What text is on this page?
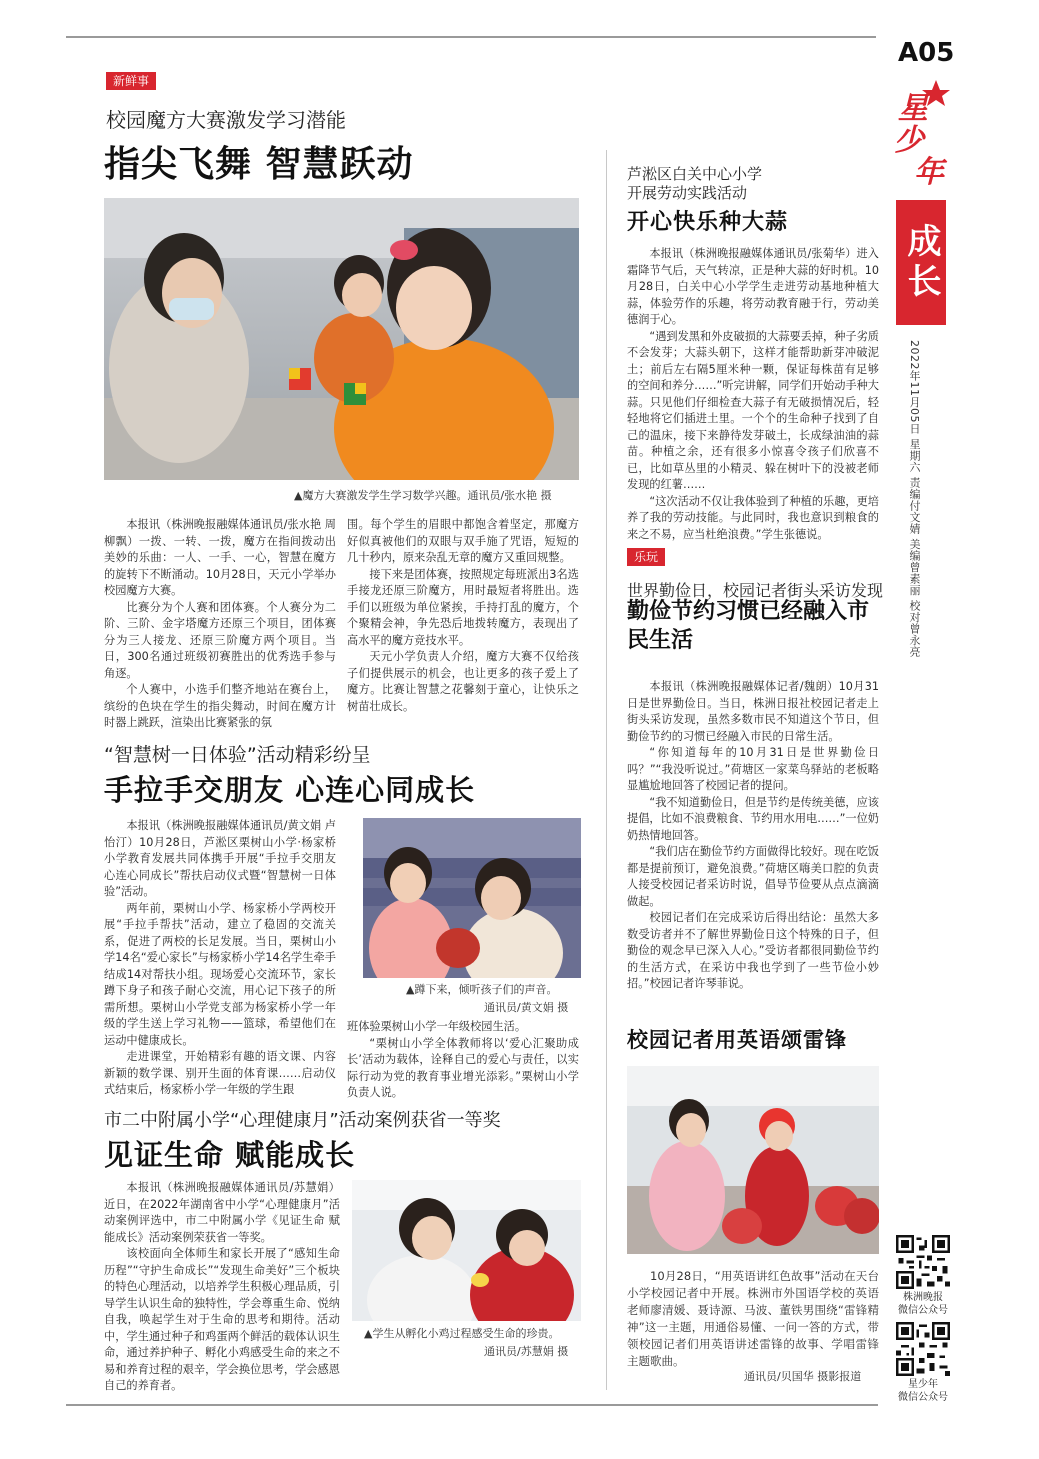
A05
星
少
年
成长
2022年11月05日 星期六 责编付文婧 美编曾素丽 校对曾永亮
株洲晚报
微信公众号
星少年
微信公众号
新鲜事
校园魔方大赛激发学习潜能
指尖飞舞 智慧跃动
▲魔方大赛激发学生学习数学兴趣。通讯员/张水艳 摄

本报讯（株洲晚报融媒体通讯员/张水艳 周柳飘）一拨、一转、一拨，魔方在指间拨动出美妙的乐曲：一人、一手、一心，智慧在魔方的旋转下不断涌动。10月28日，天元小学举办校园魔方大赛。

比赛分为个人赛和团体赛。个人赛分为二阶、三阶、金字塔魔方还原三个项目，团体赛分为三人接龙、还原三阶魔方两个项目。当日，300名通过班级初赛胜出的优秀选手参与角逐。

个人赛中，小选手们整齐地站在赛台上，缤纷的色块在学生的指尖舞动，时间在魔方计时器上跳跃，渲染出比赛紧张的氛

围。每个学生的眉眼中都饱含着坚定，那魔方好似真被他们的双眼与双手施了咒语，短短的几十秒内，原来杂乱无章的魔方又重回规整。

接下来是团体赛，按照规定每班派出3名选手接龙还原三阶魔方，用时最短者将胜出。选手们以班级为单位紧挨，手持打乱的魔方，个个聚精会神，争先恐后地拨转魔方，表现出了高水平的魔方竞技水平。

天元小学负责人介绍，魔方大赛不仅给孩子们提供展示的机会，也让更多的孩子爱上了魔方。比赛让智慧之花馨刻于童心，让快乐之树苗壮成长。

“智慧树一日体验”活动精彩纷呈
手拉手交朋友 心连心同成长

本报讯（株洲晚报融媒体通讯员/黄文娟 卢怡汀）10月28日，芦淞区栗树山小学·杨家桥小学教育发展共同体携手开展“手拉手交朋友 心连心同成长”帮扶启动仪式暨“智慧树一日体验”活动。

两年前，栗树山小学、杨家桥小学两校开展“手拉手帮扶”活动，建立了稳固的交流关系，促进了两校的长足发展。当日，栗树山小学14名“爱心家长”与杨家桥小学14名学生牵手结成14对帮扶小组。现场爱心交流环节，家长蹲下身子和孩子耐心交流，用心记下孩子的所需所想。栗树山小学党支部为杨家桥小学一年级的学生送上学习礼物——篮球，希望他们在运动中健康成长。

走进课堂，开始精彩有趣的语文课、内容新颖的数学课、别开生面的体育课……启动仪式结束后，杨家桥小学一年级的学生跟

▲蹲下来，倾听孩子们的声音。
通讯员/黄文娟 摄

班体验栗树山小学一年级校园生活。

“栗树山小学全体教师将以‘爱心汇聚助成长’活动为载体，诠释自己的爱心与责任，以实际行动为党的教育事业增光添彩。”栗树山小学负责人说。

市二中附属小学“心理健康月”活动案例获省一等奖
见证生命 赋能成长

本报讯（株洲晚报融媒体通讯员/苏慧娟）近日，在2022年湖南省中小学“心理健康月”活动案例评选中，市二中附属小学《见证生命 赋能成长》活动案例荣获省一等奖。

该校面向全体师生和家长开展了“感知生命历程”“守护生命成长”“发现生命美好”三个板块的特色心理活动，以培养学生积极心理品质，引导学生认识生命的独特性，学会尊重生命、悦纳自我，唤起学生对于生命的思考和期待。活动中，学生通过种子和鸡蛋两个鲜活的载体认识生命，通过养护种子、孵化小鸡感受生命的来之不易和养育过程的艰辛，学会换位思考，学会感恩自己的养育者。

▲学生从孵化小鸡过程感受生命的珍贵。
通讯员/苏慧娟 摄
芦淞区白关中心小学
开展劳动实践活动
开心快乐种大蒜

本报讯（株洲晚报融媒体通讯员/张菊华）进入霜降节气后，天气转凉，正是种大蒜的好时机。10月28日，白关中心小学学生走进劳动基地种植大蒜，体验劳作的乐趣，将劳动教育融于行，劳动美德润于心。

“遇到发黑和外皮破损的大蒜要丢掉，种子劣质不会发芽；大蒜头朝下，这样才能帮助新芽冲破泥土；前后左右隔5厘米种一颗，保证每株苗有足够的空间和养分……”听完讲解，同学们开始动手种大蒜。只见他们仔细检查大蒜子有无破损情况后，轻轻地将它们插进土里。一个个的生命种子找到了自己的温床，接下来静待发芽破土，长成绿油油的蒜苗。种植之余，还有很多小惊喜令孩子们欣喜不已，比如草丛里的小精灵、躲在树叶下的没被老师发现的红薯……

“这次活动不仅让我体验到了种植的乐趣，更培养了我的劳动技能。与此同时，我也意识到粮食的来之不易，应当杜绝浪费。”学生张德说。

乐玩
世界勤俭日，校园记者街头采访发现
勤俭节约习惯已经融入市民生活

本报讯（株洲晚报融媒体记者/魏朗）10月31日是世界勤俭日。当日，株洲日报社校园记者走上街头采访发现，虽然多数市民不知道这个节日，但勤俭节约的习惯已经融入市民的日常生活。

“你知道每年的10月31日是世界勤俭日吗？”“我没听说过。”荷塘区一家菜鸟驿站的老板略显尴尬地回答了校园记者的提问。

“我不知道勤俭日，但是节约是传统美德，应该提倡，比如不浪费粮食、节约用水用电……”一位奶奶热情地回答。

“我们店在勤俭节约方面做得比较好。现在吃饭都是提前预订，避免浪费。”荷塘区嗨美口腔的负责人接受校园记者采访时说，倡导节俭要从点点滴滴做起。

校园记者们在完成采访后得出结论：虽然大多数受访者并不了解世界勤俭日这个特殊的日子，但勤俭的观念早已深入人心。”受访者都很同勤俭节约的生活方式，在采访中我也学到了一些节俭小妙招。”校园记者许琴菲说。

校园记者用英语颂雷锋
10月28日，“用英语讲红色故事”活动在天台小学校园记者中开展。株洲市外国语学校的英语老师廖清媛、聂诗源、马波、董铁男围绕“雷锋精神”这一主题，用通俗易懂、一问一答的方式，带领校园记者们用英语讲述雷锋的故事、学唱雷锋主题歌曲。
通讯员/贝国华 摄影报道
